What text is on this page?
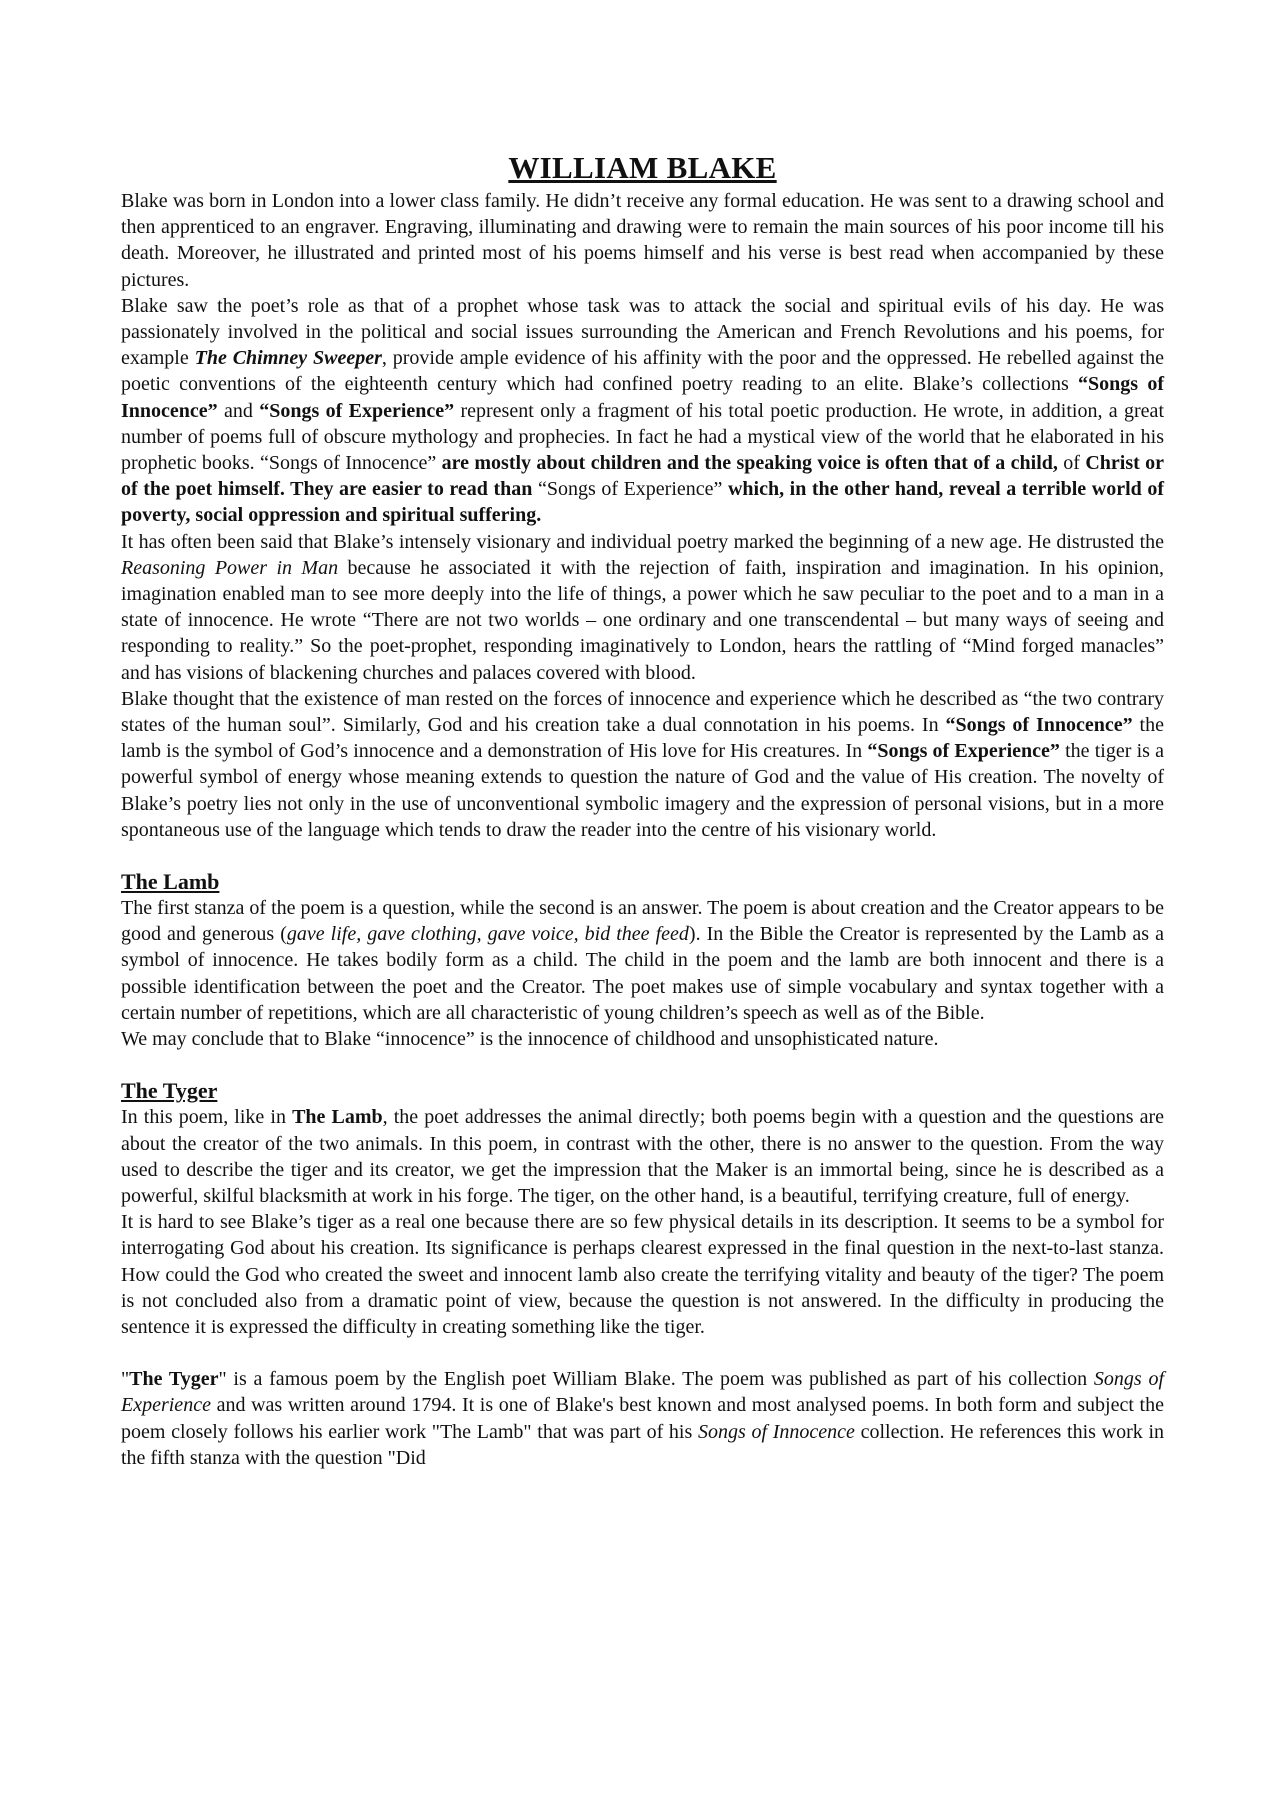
WILLIAM BLAKE

Blake was born in London into a lower class family. He didn’t receive any formal education. He was sent to a drawing school and then apprenticed to an engraver. Engraving, illuminating and drawing were to remain the main sources of his poor income till his death. Moreover, he illustrated and printed most of his poems himself and his verse is best read when accompanied by these pictures.

Blake saw the poet’s role as that of a prophet whose task was to attack the social and spiritual evils of his day. He was passionately involved in the political and social issues surrounding the American and French Revolutions and his poems, for example The Chimney Sweeper, provide ample evidence of his affinity with the poor and the oppressed. He rebelled against the poetic conventions of the eighteenth century which had confined poetry reading to an elite. Blake’s collections “Songs of Innocence” and “Songs of Experience” represent only a fragment of his total poetic production. He wrote, in addition, a great number of poems full of obscure mythology and prophecies. In fact he had a mystical view of the world that he elaborated in his prophetic books. “Songs of Innocence” are mostly about children and the speaking voice is often that of a child, of Christ or of the poet himself. They are easier to read than “Songs of Experience” which, in the other hand, reveal a terrible world of poverty, social oppression and spiritual suffering.

It has often been said that Blake’s intensely visionary and individual poetry marked the beginning of a new age. He distrusted the Reasoning Power in Man because he associated it with the rejection of faith, inspiration and imagination. In his opinion, imagination enabled man to see more deeply into the life of things, a power which he saw peculiar to the poet and to a man in a state of innocence. He wrote “There are not two worlds – one ordinary and one transcendental – but many ways of seeing and responding to reality.” So the poet-prophet, responding imaginatively to London, hears the rattling of “Mind forged manacles” and has visions of blackening churches and palaces covered with blood.

Blake thought that the existence of man rested on the forces of innocence and experience which he described as “the two contrary states of the human soul”. Similarly, God and his creation take a dual connotation in his poems. In “Songs of Innocence” the lamb is the symbol of God’s innocence and a demonstration of His love for His creatures. In “Songs of Experience” the tiger is a powerful symbol of energy whose meaning extends to question the nature of God and the value of His creation. The novelty of Blake’s poetry lies not only in the use of unconventional symbolic imagery and the expression of personal visions, but in a more spontaneous use of the language which tends to draw the reader into the centre of his visionary world.

The Lamb

The first stanza of the poem is a question, while the second is an answer. The poem is about creation and the Creator appears to be good and generous (gave life, gave clothing, gave voice, bid thee feed). In the Bible the Creator is represented by the Lamb as a symbol of innocence. He takes bodily form as a child. The child in the poem and the lamb are both innocent and there is a possible identification between the poet and the Creator. The poet makes use of simple vocabulary and syntax together with a certain number of repetitions, which are all characteristic of young children’s speech as well as of the Bible.

We may conclude that to Blake “innocence” is the innocence of childhood and unsophisticated nature.

The Tyger

In this poem, like in The Lamb, the poet addresses the animal directly; both poems begin with a question and the questions are about the creator of the two animals. In this poem, in contrast with the other, there is no answer to the question. From the way used to describe the tiger and its creator, we get the impression that the Maker is an immortal being, since he is described as a powerful, skilful blacksmith at work in his forge. The tiger, on the other hand, is a beautiful, terrifying creature, full of energy.

It is hard to see Blake’s tiger as a real one because there are so few physical details in its description. It seems to be a symbol for interrogating God about his creation. Its significance is perhaps clearest expressed in the final question in the next-to-last stanza. How could the God who created the sweet and innocent lamb also create the terrifying vitality and beauty of the tiger? The poem is not concluded also from a dramatic point of view, because the question is not answered. In the difficulty in producing the sentence it is expressed the difficulty in creating something like the tiger.

"The Tyger" is a famous poem by the English poet William Blake. The poem was published as part of his collection Songs of Experience and was written around 1794. It is one of Blake's best known and most analysed poems. In both form and subject the poem closely follows his earlier work "The Lamb" that was part of his Songs of Innocence collection. He references this work in the fifth stanza with the question "Did
